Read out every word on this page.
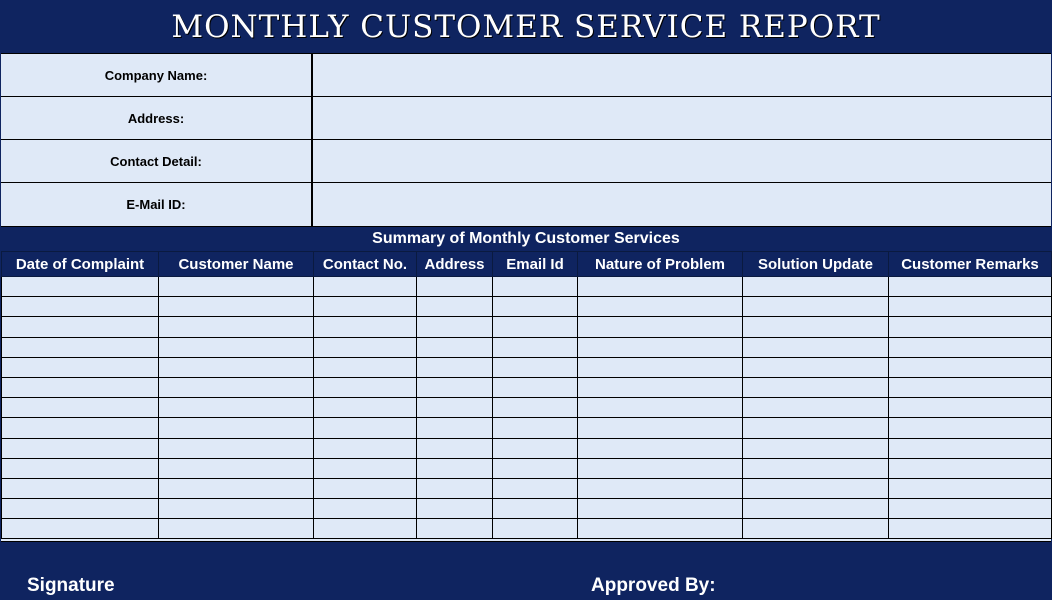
MONTHLY CUSTOMER SERVICE REPORT
Company Name:
Address:
Contact Detail:
E-Mail ID:
Summary of Monthly Customer Services
Date of Complaint	Customer Name	Contact No.	Address	Email Id	Nature of Problem	Solution Update	Customer Remarks

Signature	Approved By:
